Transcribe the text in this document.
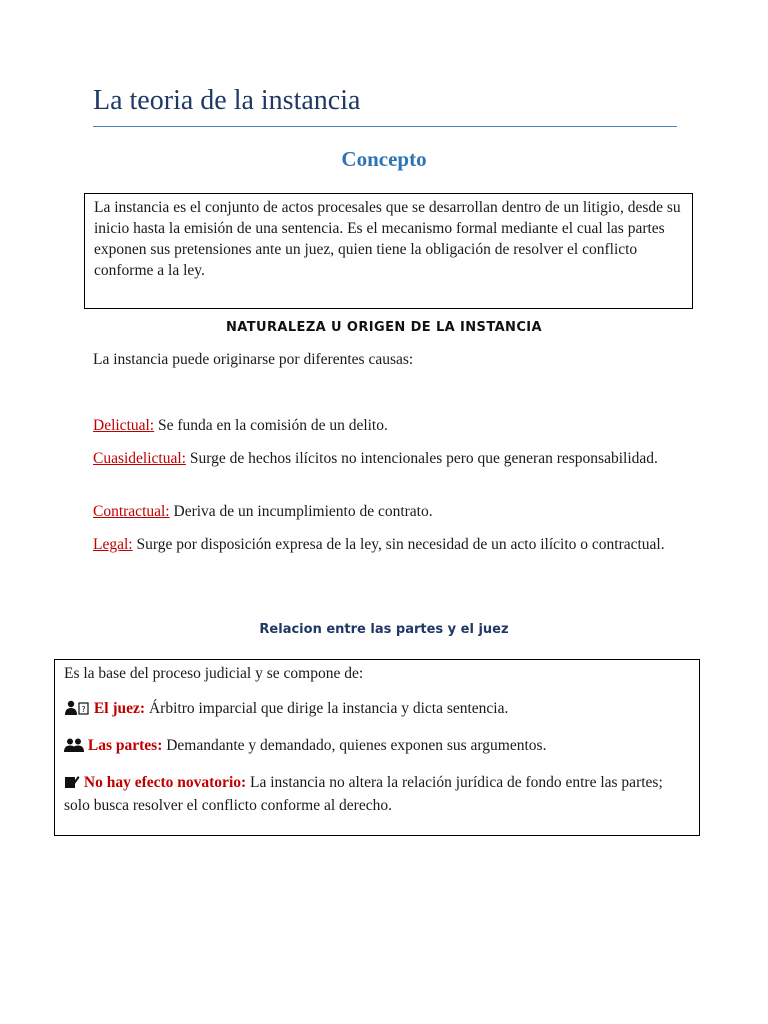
La teoria de la instancia
Concepto
La instancia es el conjunto de actos procesales que se desarrollan dentro de un litigio, desde su inicio hasta la emisión de una sentencia. Es el mecanismo formal mediante el cual las partes exponen sus pretensiones ante un juez, quien tiene la obligación de resolver el conflicto conforme a la ley.
NATURALEZA U ORIGEN DE LA INSTANCIA
La instancia puede originarse por diferentes causas:
Delictual: Se funda en la comisión de un delito.
Cuasidelictual: Surge de hechos ilícitos no intencionales pero que generan responsabilidad.
Contractual: Deriva de un incumplimiento de contrato.
Legal: Surge por disposición expresa de la ley, sin necesidad de un acto ilícito o contractual.
Relacion entre las partes y el juez

Es la base del proceso judicial y se compone de:

? El juez: Árbitro imparcial que dirige la instancia y dicta sentencia.

Las partes: Demandante y demandado, quienes exponen sus argumentos.

No hay efecto novatorio: La instancia no altera la relación jurídica de fondo entre las partes; solo busca resolver el conflicto conforme al derecho.
